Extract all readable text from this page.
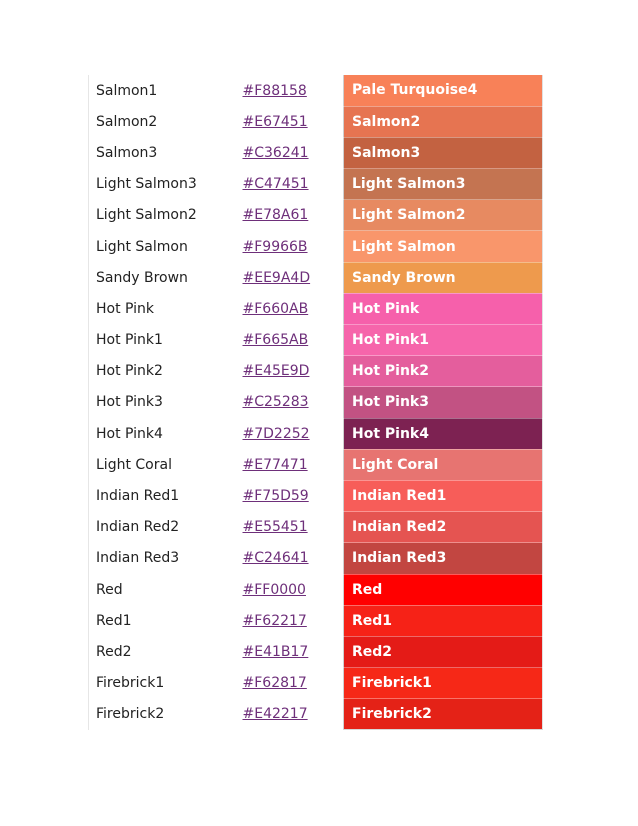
Salmon1	#F88158	Pale Turquoise4
Salmon2	#E67451	Salmon2
Salmon3	#C36241	Salmon3
Light Salmon3	#C47451	Light Salmon3
Light Salmon2	#E78A61	Light Salmon2
Light Salmon	#F9966B	Light Salmon
Sandy Brown	#EE9A4D	Sandy Brown
Hot Pink	#F660AB	Hot Pink
Hot Pink1	#F665AB	Hot Pink1
Hot Pink2	#E45E9D	Hot Pink2
Hot Pink3	#C25283	Hot Pink3
Hot Pink4	#7D2252	Hot Pink4
Light Coral	#E77471	Light Coral
Indian Red1	#F75D59	Indian Red1
Indian Red2	#E55451	Indian Red2
Indian Red3	#C24641	Indian Red3
Red	#FF0000	Red
Red1	#F62217	Red1
Red2	#E41B17	Red2
Firebrick1	#F62817	Firebrick1
Firebrick2	#E42217	Firebrick2
